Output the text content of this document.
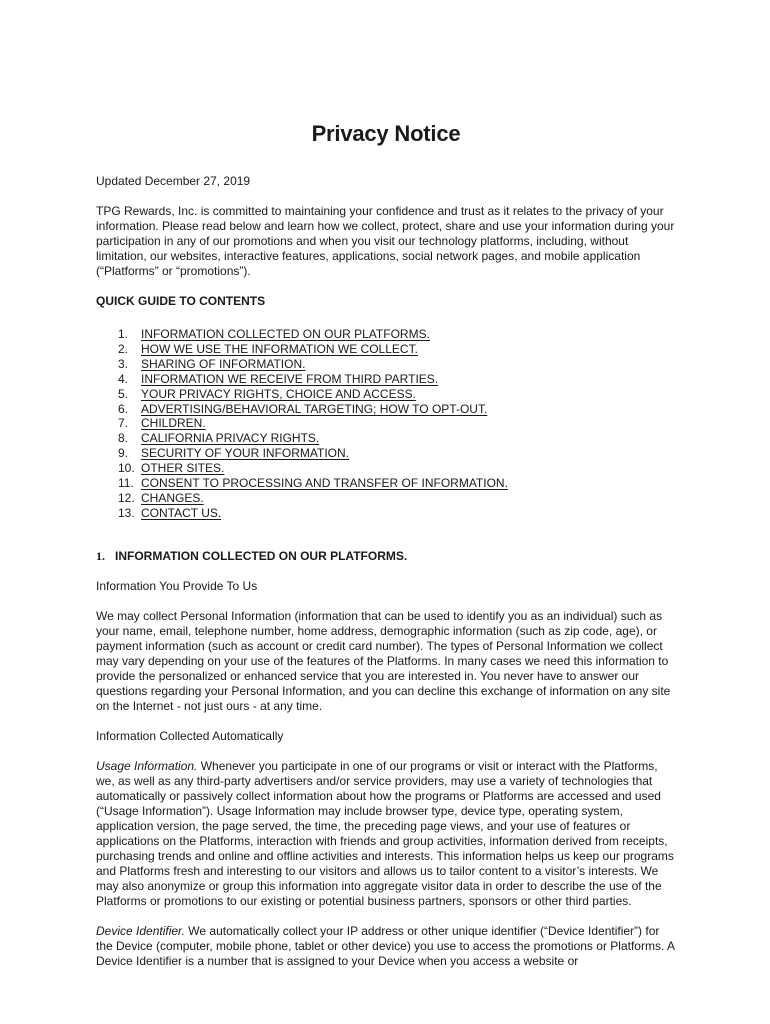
Privacy Notice

Updated December 27, 2019

TPG Rewards, Inc. is committed to maintaining your confidence and trust as it relates to the privacy of your information. Please read below and learn how we collect, protect, share and use your information during your participation in any of our promotions and when you visit our technology platforms, including, without limitation, our websites, interactive features, applications, social network pages, and mobile application (“Platforms” or “promotions”).

QUICK GUIDE TO CONTENTS
1.	INFORMATION COLLECTED ON OUR PLATFORMS.
2.	HOW WE USE THE INFORMATION WE COLLECT.
3.	SHARING OF INFORMATION.
4.	INFORMATION WE RECEIVE FROM THIRD PARTIES.
5.	YOUR PRIVACY RIGHTS, CHOICE AND ACCESS.
6.	ADVERTISING/BEHAVIORAL TARGETING; HOW TO OPT-OUT.
7.	CHILDREN.
8.	CALIFORNIA PRIVACY RIGHTS.
9.	SECURITY OF YOUR INFORMATION.
10. OTHER SITES.
11. CONSENT TO PROCESSING AND TRANSFER OF INFORMATION.
12. CHANGES.
13. CONTACT US.
1. INFORMATION COLLECTED ON OUR PLATFORMS.
Information You Provide To Us

We may collect Personal Information (information that can be used to identify you as an individual) such as your name, email, telephone number, home address, demographic information (such as zip code, age), or payment information (such as account or credit card number). The types of Personal Information we collect may vary depending on your use of the features of the Platforms. In many cases we need this information to provide the personalized or enhanced service that you are interested in. You never have to answer our questions regarding your Personal Information, and you can decline this exchange of information on any site on the Internet - not just ours - at any time.

Information Collected Automatically

Usage Information. Whenever you participate in one of our programs or visit or interact with the Platforms, we, as well as any third-party advertisers and/or service providers, may use a variety of technologies that automatically or passively collect information about how the programs or Platforms are accessed and used (“Usage Information”). Usage Information may include browser type, device type, operating system, application version, the page served, the time, the preceding page views, and your use of features or applications on the Platforms, interaction with friends and group activities, information derived from receipts, purchasing trends and online and offline activities and interests. This information helps us keep our programs and Platforms fresh and interesting to our visitors and allows us to tailor content to a visitor’s interests. We may also anonymize or group this information into aggregate visitor data in order to describe the use of the Platforms or promotions to our existing or potential business partners, sponsors or other third parties.

Device Identifier. We automatically collect your IP address or other unique identifier (“Device Identifier”) for the Device (computer, mobile phone, tablet or other device) you use to access the promotions or Platforms. A Device Identifier is a number that is assigned to your Device when you access a website or
